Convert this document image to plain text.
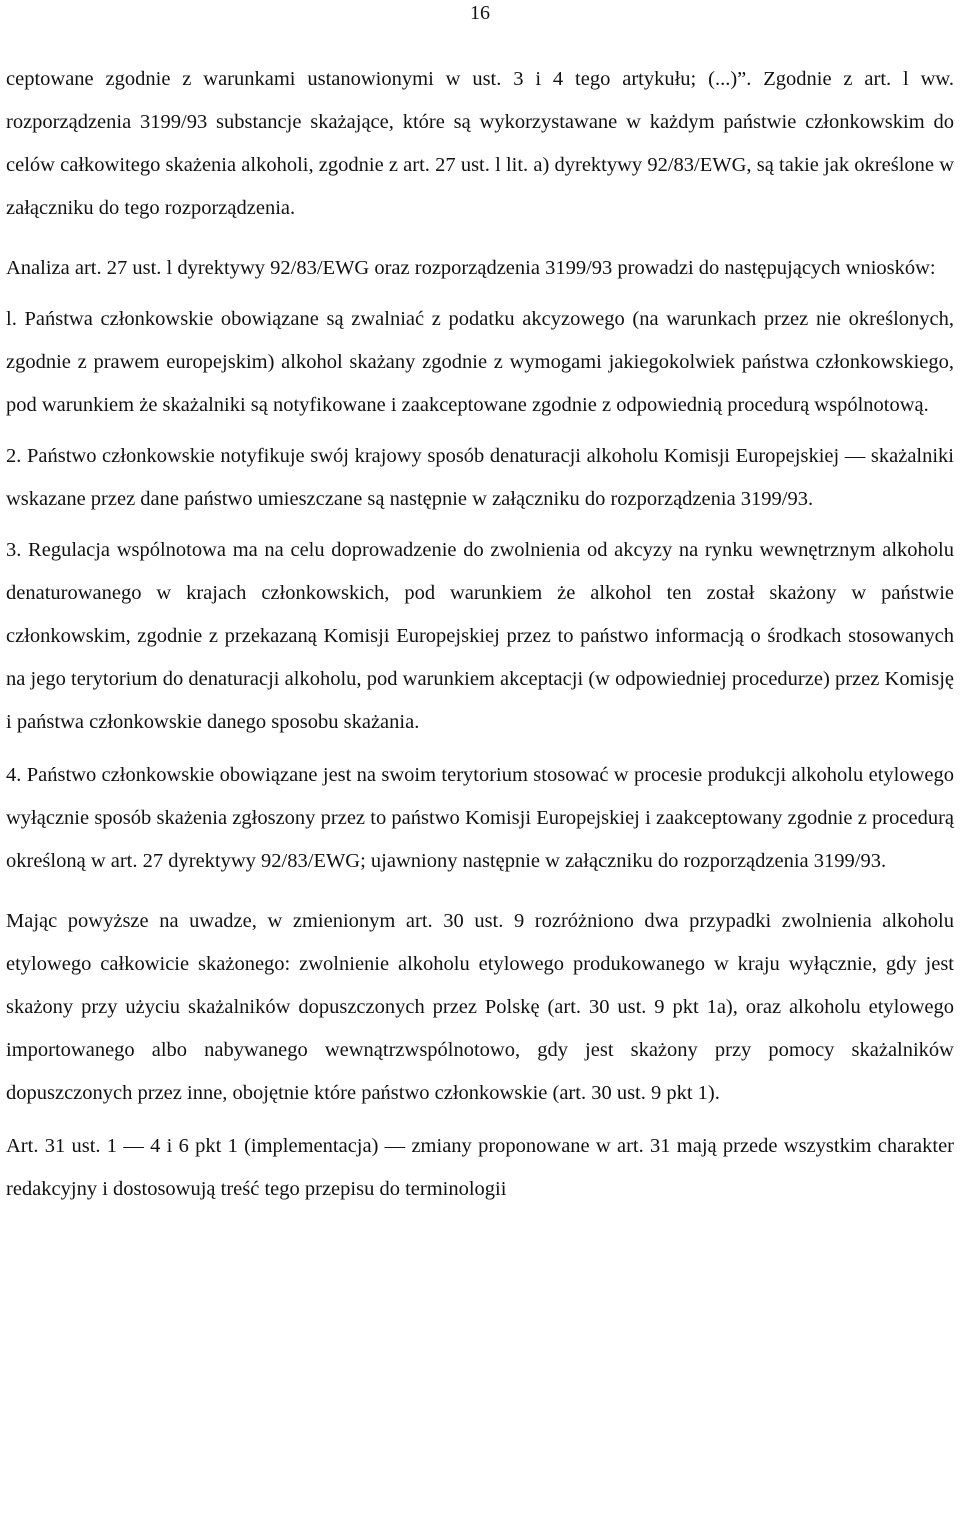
16

ceptowane zgodnie z warunkami ustanowionymi w ust. 3 i 4 tego artykułu; (...)”. Zgodnie z art. l ww. rozporządzenia 3199/93 substancje skażające, które są wykorzystawane w każdym państwie członkowskim do celów całkowitego skażenia alkoholi, zgodnie z art. 27 ust. l lit. a) dyrektywy 92/83/EWG, są takie jak określone w załączniku do tego rozporządzenia.

Analiza art. 27 ust. l dyrektywy 92/83/EWG oraz rozporządzenia 3199/93 prowadzi do następujących wniosków:

l. Państwa członkowskie obowiązane są zwalniać z podatku akcyzowego (na warunkach przez nie określonych, zgodnie z prawem europejskim) alkohol skażany zgodnie z wymogami jakiegokolwiek państwa członkowskiego, pod warunkiem że skażalniki są notyfikowane i zaakceptowane zgodnie z odpowiednią procedurą wspólnotową.

2. Państwo członkowskie notyfikuje swój krajowy sposób denaturacji alkoholu Komisji Europejskiej — skażalniki wskazane przez dane państwo umieszczane są następnie w załączniku do rozporządzenia 3199/93.

3. Regulacja wspólnotowa ma na celu doprowadzenie do zwolnienia od akcyzy na rynku wewnętrznym alkoholu denaturowanego w krajach członkowskich, pod warunkiem że alkohol ten został skażony w państwie członkowskim, zgodnie z przekazaną Komisji Europejskiej przez to państwo informacją o środkach stosowanych na jego terytorium do denaturacji alkoholu, pod warunkiem akceptacji (w odpowiedniej procedurze) przez Komisję i państwa członkowskie danego sposobu skażania.

4. Państwo członkowskie obowiązane jest na swoim terytorium stosować w procesie produkcji alkoholu etylowego wyłącznie sposób skażenia zgłoszony przez to państwo Komisji Europejskiej i zaakceptowany zgodnie z procedurą określoną w art. 27 dyrektywy 92/83/EWG; ujawniony następnie w załączniku do rozporządzenia 3199/93.

Mając powyższe na uwadze, w zmienionym art. 30 ust. 9 rozróżniono dwa przypadki zwolnienia alkoholu etylowego całkowicie skażonego: zwolnienie alkoholu etylowego produkowanego w kraju wyłącznie, gdy jest skażony przy użyciu skażalników dopuszczonych przez Polskę (art. 30 ust. 9 pkt 1a), oraz alkoholu etylowego importowanego albo nabywanego wewnątrzwspólnotowo, gdy jest skażony przy pomocy skażalników dopuszczonych przez inne, obojętnie które państwo członkowskie (art. 30 ust. 9 pkt 1).

Art. 31 ust. 1 — 4 i 6 pkt 1 (implementacja) — zmiany proponowane w art. 31 mają przede wszystkim charakter redakcyjny i dostosowują treść tego przepisu do terminologii
